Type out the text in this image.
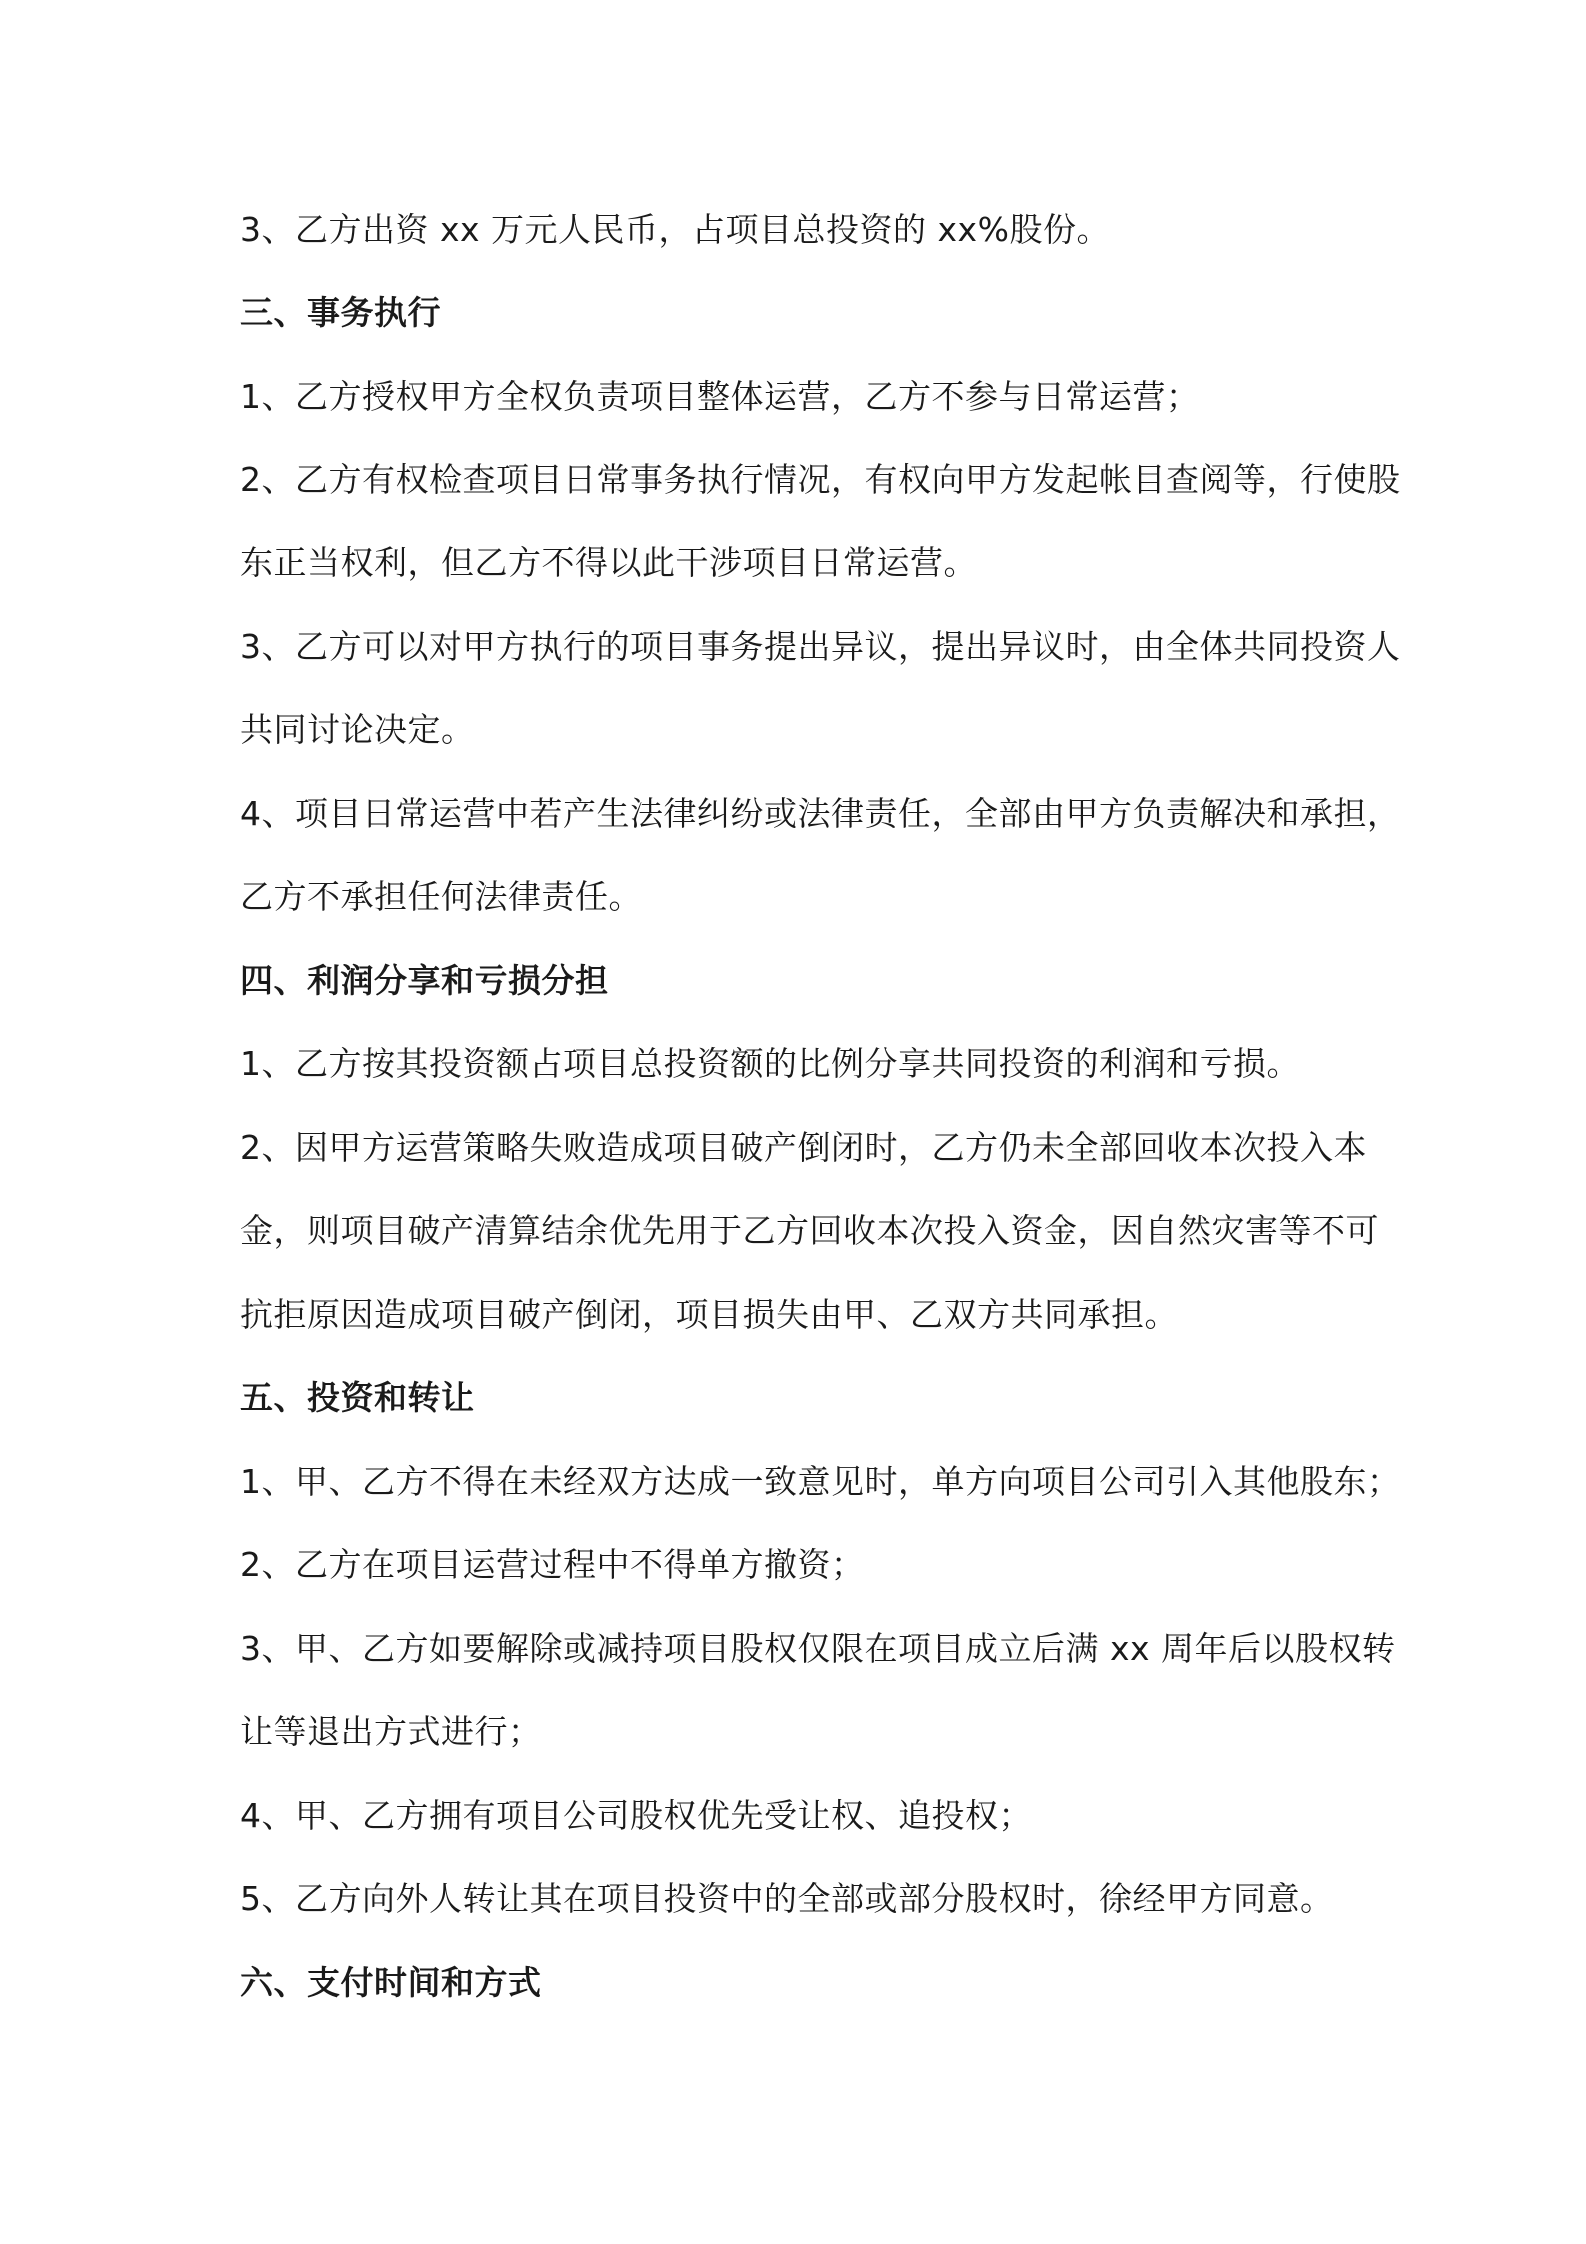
3、乙方出资 xx 万元人民币，占项目总投资的 xx%股份。
三、事务执行
1、乙方授权甲方全权负责项目整体运营，乙方不参与日常运营；
2、乙方有权检查项目日常事务执行情况，有权向甲方发起帐目查阅等，行使股
东正当权利，但乙方不得以此干涉项目日常运营。
3、乙方可以对甲方执行的项目事务提出异议，提出异议时，由全体共同投资人
共同讨论决定。
4、项目日常运营中若产生法律纠纷或法律责任，全部由甲方负责解决和承担，
乙方不承担任何法律责任。
四、利润分享和亏损分担
1、乙方按其投资额占项目总投资额的比例分享共同投资的利润和亏损。
2、因甲方运营策略失败造成项目破产倒闭时，乙方仍未全部回收本次投入本
金，则项目破产清算结余优先用于乙方回收本次投入资金，因自然灾害等不可
抗拒原因造成项目破产倒闭，项目损失由甲、乙双方共同承担。
五、投资和转让
1、甲、乙方不得在未经双方达成一致意见时，单方向项目公司引入其他股东；
2、乙方在项目运营过程中不得单方撤资；
3、甲、乙方如要解除或减持项目股权仅限在项目成立后满 xx 周年后以股权转
让等退出方式进行；
4、甲、乙方拥有项目公司股权优先受让权、追投权；
5、乙方向外人转让其在项目投资中的全部或部分股权时，徐经甲方同意。
六、支付时间和方式
